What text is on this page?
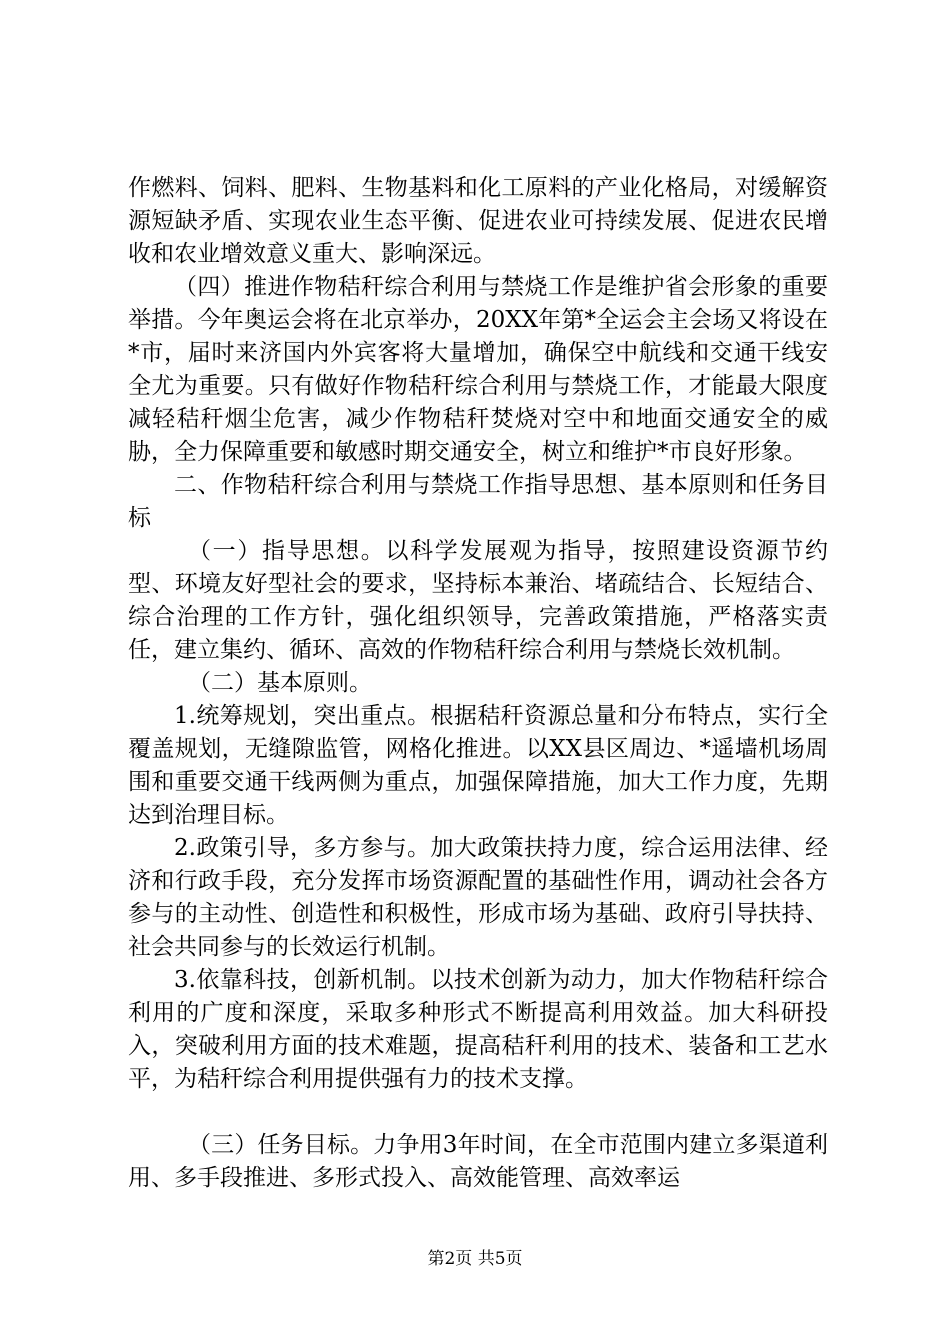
作燃料、饲料、肥料、生物基料和化工原料的产业化格局，对缓解资源短缺矛盾、实现农业生态平衡、促进农业可持续发展、促进农民增收和农业增效意义重大、影响深远。

（四）推进作物秸秆综合利用与禁烧工作是维护省会形象的重要举措。今年奥运会将在北京举办，20XX年第*全运会主会场又将设在*市，届时来济国内外宾客将大量增加，确保空中航线和交通干线安全尤为重要。只有做好作物秸秆综合利用与禁烧工作，才能最大限度减轻秸秆烟尘危害，减少作物秸秆焚烧对空中和地面交通安全的威胁，全力保障重要和敏感时期交通安全，树立和维护*市良好形象。

二、作物秸秆综合利用与禁烧工作指导思想、基本原则和任务目标

（一）指导思想。以科学发展观为指导，按照建设资源节约型、环境友好型社会的要求，坚持标本兼治、堵疏结合、长短结合、综合治理的工作方针，强化组织领导，完善政策措施，严格落实责任，建立集约、循环、高效的作物秸秆综合利用与禁烧长效机制。

（二）基本原则。

1.统筹规划，突出重点。根据秸秆资源总量和分布特点，实行全覆盖规划，无缝隙监管，网格化推进。以XX县区周边、*遥墙机场周围和重要交通干线两侧为重点，加强保障措施，加大工作力度，先期达到治理目标。

2.政策引导，多方参与。加大政策扶持力度，综合运用法律、经济和行政手段，充分发挥市场资源配置的基础性作用，调动社会各方参与的主动性、创造性和积极性，形成市场为基础、政府引导扶持、社会共同参与的长效运行机制。

3.依靠科技，创新机制。以技术创新为动力，加大作物秸秆综合利用的广度和深度，采取多种形式不断提高利用效益。加大科研投入，突破利用方面的技术难题，提高秸秆利用的技术、装备和工艺水平，为秸秆综合利用提供强有力的技术支撑。

（三）任务目标。力争用3年时间，在全市范围内建立多渠道利用、多手段推进、多形式投入、高效能管理、高效率运

第2页 共5页
